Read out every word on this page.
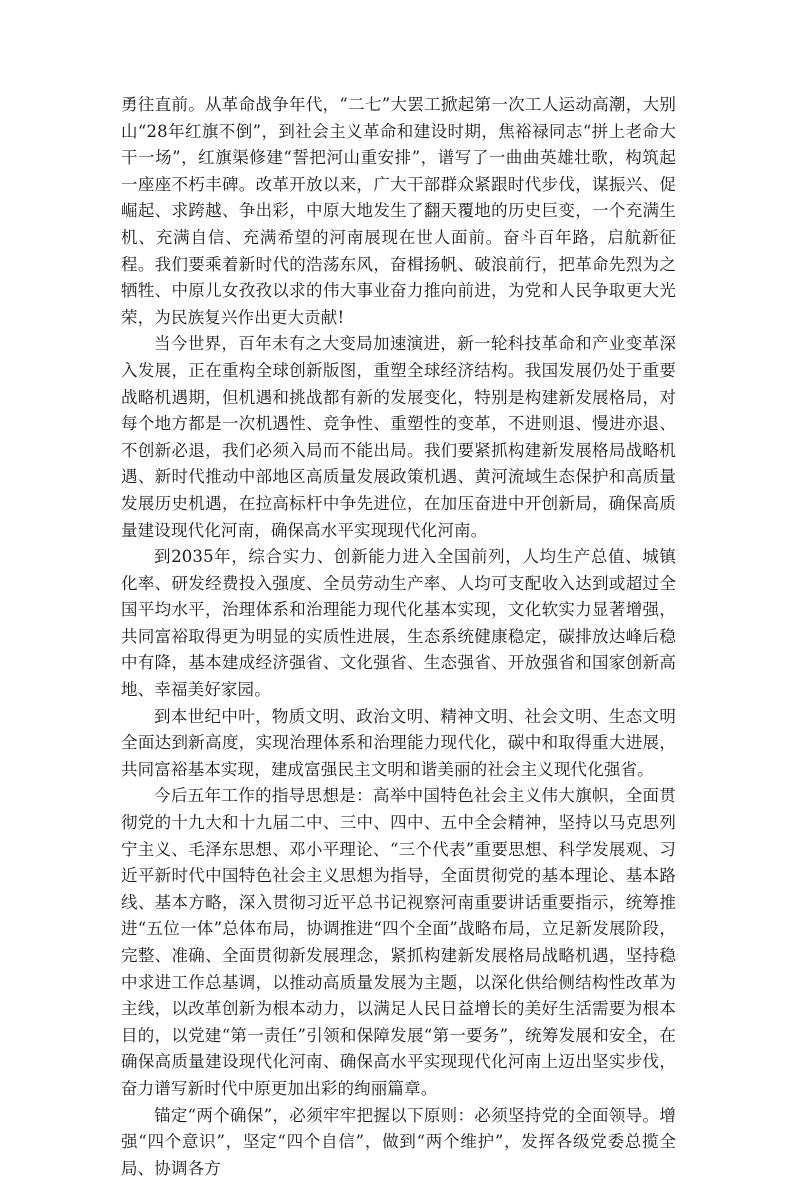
勇往直前。从革命战争年代，“二七”大罢工掀起第一次工人运动高潮，大别山“28年红旗不倒”，到社会主义革命和建设时期，焦裕禄同志“拼上老命大干一场”，红旗渠修建“誓把河山重安排”，谱写了一曲曲英雄壮歌，构筑起一座座不朽丰碑。改革开放以来，广大干部群众紧跟时代步伐，谋振兴、促崛起、求跨越、争出彩，中原大地发生了翻天覆地的历史巨变，一个充满生机、充满自信、充满希望的河南展现在世人面前。奋斗百年路，启航新征程。我们要乘着新时代的浩荡东风，奋楫扬帆、破浪前行，把革命先烈为之牺牲、中原儿女孜孜以求的伟大事业奋力推向前进，为党和人民争取更大光荣，为民族复兴作出更大贡献!

当今世界，百年未有之大变局加速演进，新一轮科技革命和产业变革深入发展，正在重构全球创新版图，重塑全球经济结构。我国发展仍处于重要战略机遇期，但机遇和挑战都有新的发展变化，特别是构建新发展格局，对每个地方都是一次机遇性、竞争性、重塑性的变革，不进则退、慢进亦退、不创新必退，我们必须入局而不能出局。我们要紧抓构建新发展格局战略机遇、新时代推动中部地区高质量发展政策机遇、黄河流域生态保护和高质量发展历史机遇，在拉高标杆中争先进位，在加压奋进中开创新局，确保高质量建设现代化河南，确保高水平实现现代化河南。

到2035年，综合实力、创新能力进入全国前列，人均生产总值、城镇化率、研发经费投入强度、全员劳动生产率、人均可支配收入达到或超过全国平均水平，治理体系和治理能力现代化基本实现，文化软实力显著增强，共同富裕取得更为明显的实质性进展，生态系统健康稳定，碳排放达峰后稳中有降，基本建成经济强省、文化强省、生态强省、开放强省和国家创新高地、幸福美好家园。

到本世纪中叶，物质文明、政治文明、精神文明、社会文明、生态文明全面达到新高度，实现治理体系和治理能力现代化，碳中和取得重大进展，共同富裕基本实现，建成富强民主文明和谐美丽的社会主义现代化强省。

今后五年工作的指导思想是：高举中国特色社会主义伟大旗帜，全面贯彻党的十九大和十九届二中、三中、四中、五中全会精神，坚持以马克思列宁主义、毛泽东思想、邓小平理论、“三个代表”重要思想、科学发展观、习近平新时代中国特色社会主义思想为指导，全面贯彻党的基本理论、基本路线、基本方略，深入贯彻习近平总书记视察河南重要讲话重要指示，统筹推进“五位一体”总体布局，协调推进“四个全面”战略布局，立足新发展阶段，完整、准确、全面贯彻新发展理念，紧抓构建新发展格局战略机遇，坚持稳中求进工作总基调，以推动高质量发展为主题，以深化供给侧结构性改革为主线，以改革创新为根本动力，以满足人民日益增长的美好生活需要为根本目的，以党建“第一责任”引领和保障发展“第一要务”，统筹发展和安全，在确保高质量建设现代化河南、确保高水平实现现代化河南上迈出坚实步伐，奋力谱写新时代中原更加出彩的绚丽篇章。

锚定“两个确保”，必须牢牢把握以下原则：必须坚持党的全面领导。增强“四个意识”，坚定“四个自信”，做到“两个维护”，发挥各级党委总揽全局、协调各方
